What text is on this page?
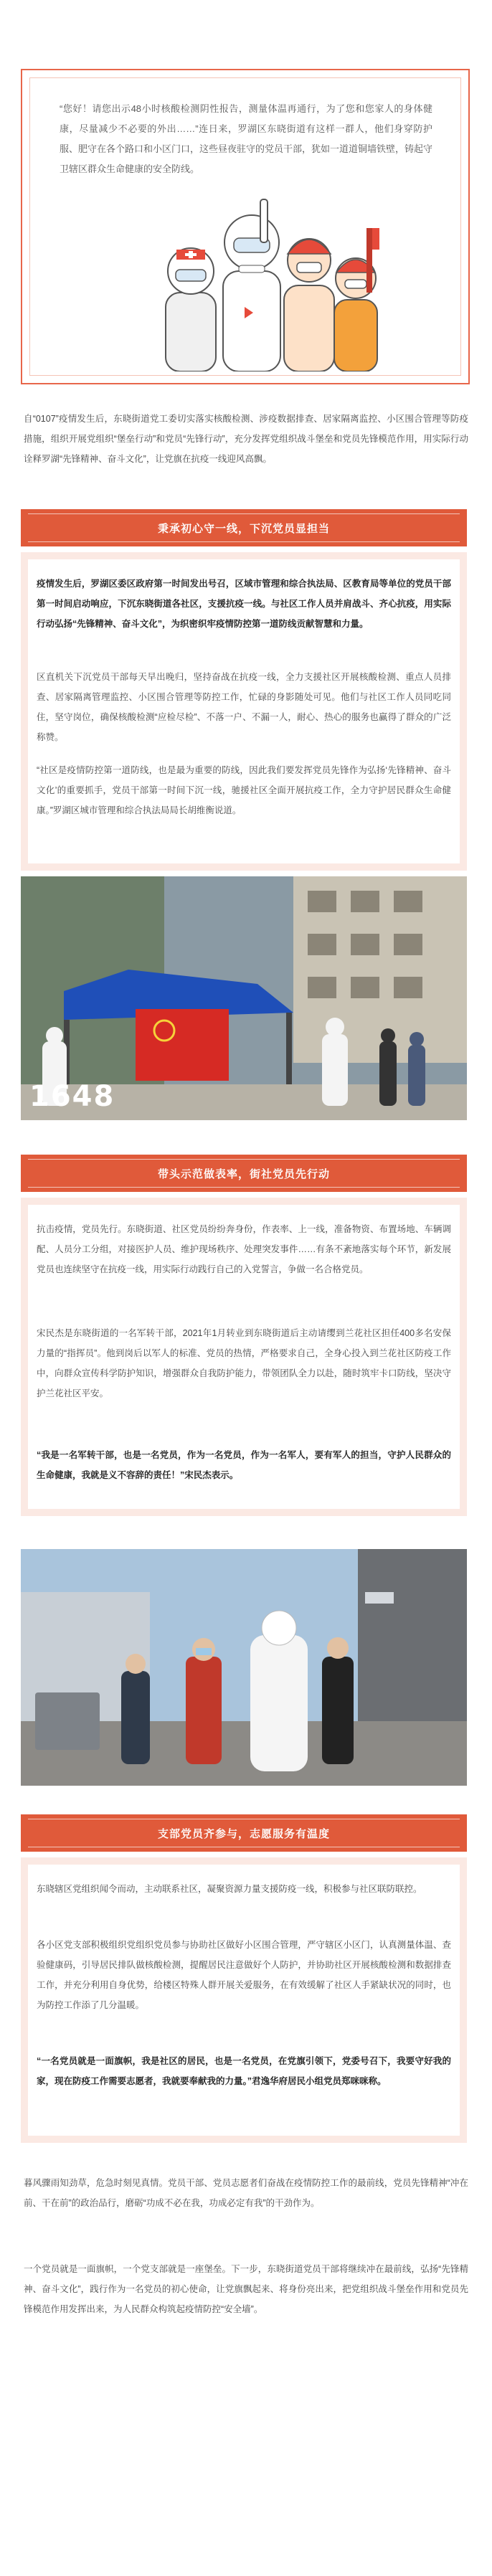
“您好！请您出示48小时核酸检测阴性报告，测量体温再通行，为了您和您家人的身体健康，尽量减少不必要的外出……”连日来，罗湖区东晓街道有这样一群人，他们身穿防护服、肥守在各个路口和小区门口，这些昼夜驻守的党员干部，犹如一道道铜墙铁壁，铸起守卫辖区群众生命健康的安全防线。

自“0107”疫情发生后，东晓街道党工委切实落实核酸检测、涉疫数据排查、居家隔离监控、小区围合管理等防疫措施，组织开展党组织“堡垒行动”和党员“先锋行动”，充分发挥党组织战斗堡垒和党员先锋模范作用，用实际行动诠释罗湖“先锋精神、奋斗文化”，让党旗在抗疫一线迎风高飘。

秉承初心守一线，下沉党员显担当

疫情发生后，罗湖区委区政府第一时间发出号召，区域市管理和综合执法局、区教育局等单位的党员干部第一时间启动响应，下沉东晓街道各社区，支援抗疫一线。与社区工作人员并肩战斗、齐心抗疫，用实际行动弘扬“先锋精神、奋斗文化”，为织密织牢疫情防控第一道防线贡献智慧和力量。

区直机关下沉党员干部每天早出晚归，坚持奋战在抗疫一线，全力支援社区开展核酸检测、重点人员排查、居家隔离管理监控、小区围合管理等防控工作，忙碌的身影随处可见。他们与社区工作人员同吃同住，坚守岗位，确保核酸检测“应检尽检”、不落一户、不漏一人，耐心、热心的服务也赢得了群众的广泛称赞。

“社区是疫情防控第一道防线，也是最为重要的防线，因此我们要发挥党员先锋作为弘扬‘先锋精神、奋斗文化’的重要抓手，党员干部第一时间下沉一线，驰援社区全面开展抗疫工作，全力守护居民群众生命健康。”罗湖区城市管理和综合执法局局长胡维衡说道。

1648
带头示范做表率，街社党员先行动

抗击疫情，党员先行。东晓街道、社区党员纷纷奔身份，作表率、上一线，准备物资、布置场地、车辆调配、人员分工分组，对接医护人员、维护现场秩序、处理突发事件……有条不紊地落实每个环节，新发展党员也连续坚守在抗疫一线，用实际行动践行自己的入党誓言，争做一名合格党员。

宋民杰是东晓街道的一名军转干部，2021年1月转业到东晓街道后主动请缨到兰花社区担任400多名安保力量的“指挥员”。他到岗后以军人的标准、党员的热情，严格要求自己，全身心投入到兰花社区防疫工作中，向群众宣传科学防护知识，增强群众自我防护能力，带领团队全力以赴，随时筑牢卡口防线，坚决守护兰花社区平安。

“我是一名军转干部，也是一名党员，作为一名党员，作为一名军人，要有军人的担当，守护人民群众的生命健康，我就是义不容辞的责任！”宋民杰表示。

支部党员齐参与，志愿服务有温度

东晓辖区党组织闻令而动，主动联系社区，凝聚资源力量支援防疫一线，积极参与社区联防联控。

各小区党支部积极组织党组织党员参与协助社区做好小区围合管理，严守辖区小区门，认真测量体温、查验健康码，引导居民排队做核酸检测，提醒居民注意做好个人防护，并协助社区开展核酸检测和数据排查工作，并充分利用自身优势，给楼区特殊人群开展关爱服务，在有效缓解了社区人手紧缺状况的同时，也为防控工作添了几分温暖。

“一名党员就是一面旗帜，我是社区的居民，也是一名党员，在党旗引领下，党委号召下，我要守好我的家，现在防疫工作需要志愿者，我就要奉献我的力量。”君逸华府居民小组党员郑咪咪称。

暮风骤雨知劲草，危急时刻见真情。党员干部、党员志愿者们奋战在疫情防控工作的最前线，党员先锋精神“冲在前、干在前”的政治品行，磨砺“功成不必在我，功成必定有我”的干劲作为。

一个党员就是一面旗帜，一个党支部就是一座堡垒。下一步，东晓街道党员干部将继续冲在最前线，弘扬“先锋精神、奋斗文化”，践行作为一名党员的初心使命，让党旗飘起来、将身份亮出来，把党组织战斗堡垒作用和党员先锋模范作用发挥出来，为人民群众构筑起疫情防控“安全墙”。
